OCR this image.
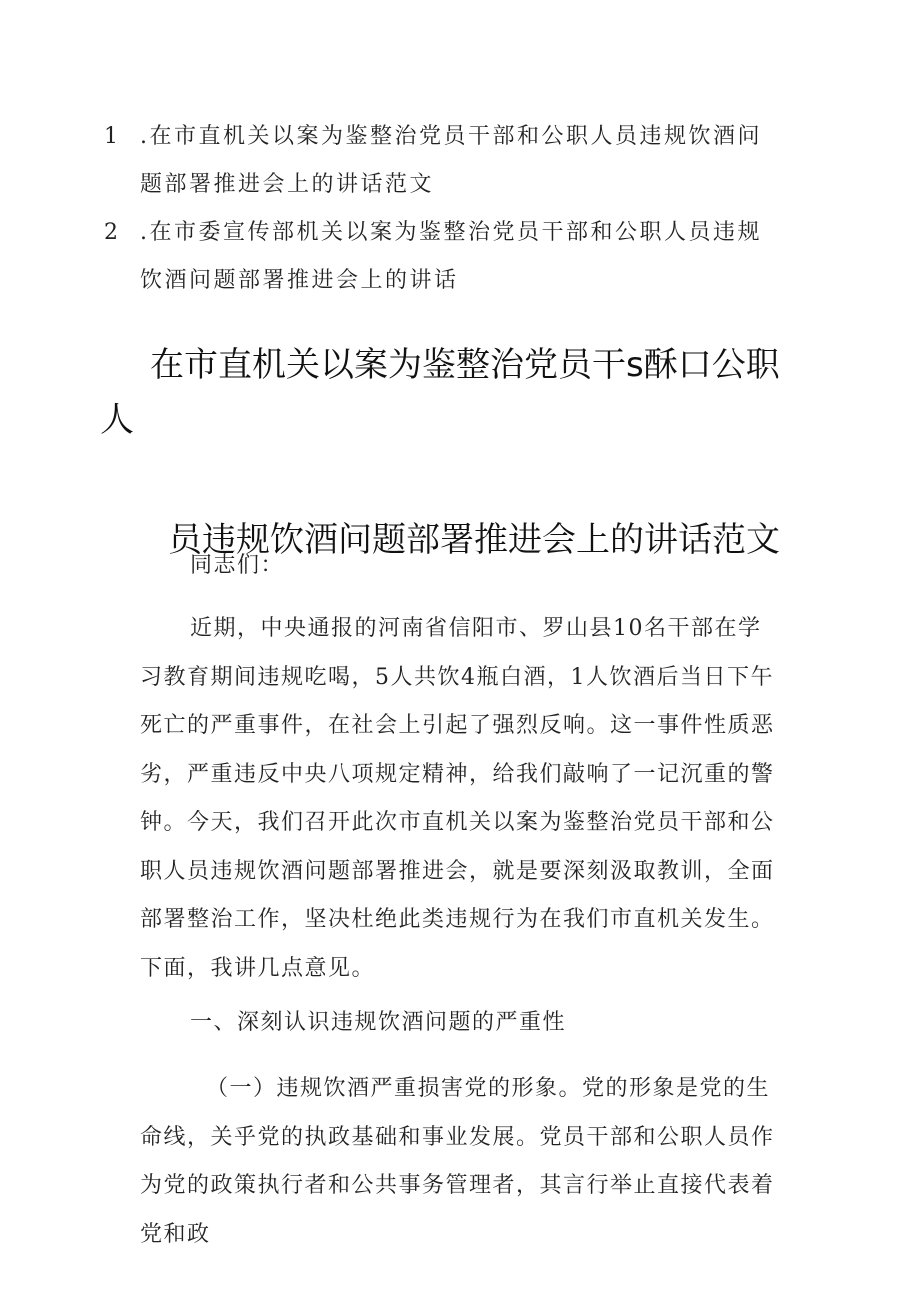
1 .在市直机关以案为鉴整治党员干部和公职人员违规饮酒问题部署推进会上的讲话范文
2 .在市委宣传部机关以案为鉴整治党员干部和公职人员违规饮酒问题部署推进会上的讲话
在市直机关以案为鉴整治党员干s酥口公职
人
员违规饮酒问题部署推进会上的讲话范文
同志们：
近期，中央通报的河南省信阳市、罗山县10名干部在学习教育期间违规吃喝，5人共饮4瓶白酒，1人饮酒后当日下午死亡的严重事件，在社会上引起了强烈反响。这一事件性质恶劣，严重违反中央八项规定精神，给我们敲响了一记沉重的警钟。今天，我们召开此次市直机关以案为鉴整治党员干部和公职人员违规饮酒问题部署推进会，就是要深刻汲取教训，全面部署整治工作，坚决杜绝此类违规行为在我们市直机关发生。下面，我讲几点意见。
一、深刻认识违规饮酒问题的严重性
（一）违规饮酒严重损害党的形象。党的形象是党的生命线，关乎党的执政基础和事业发展。党员干部和公职人员作为党的政策执行者和公共事务管理者，其言行举止直接代表着党和政
